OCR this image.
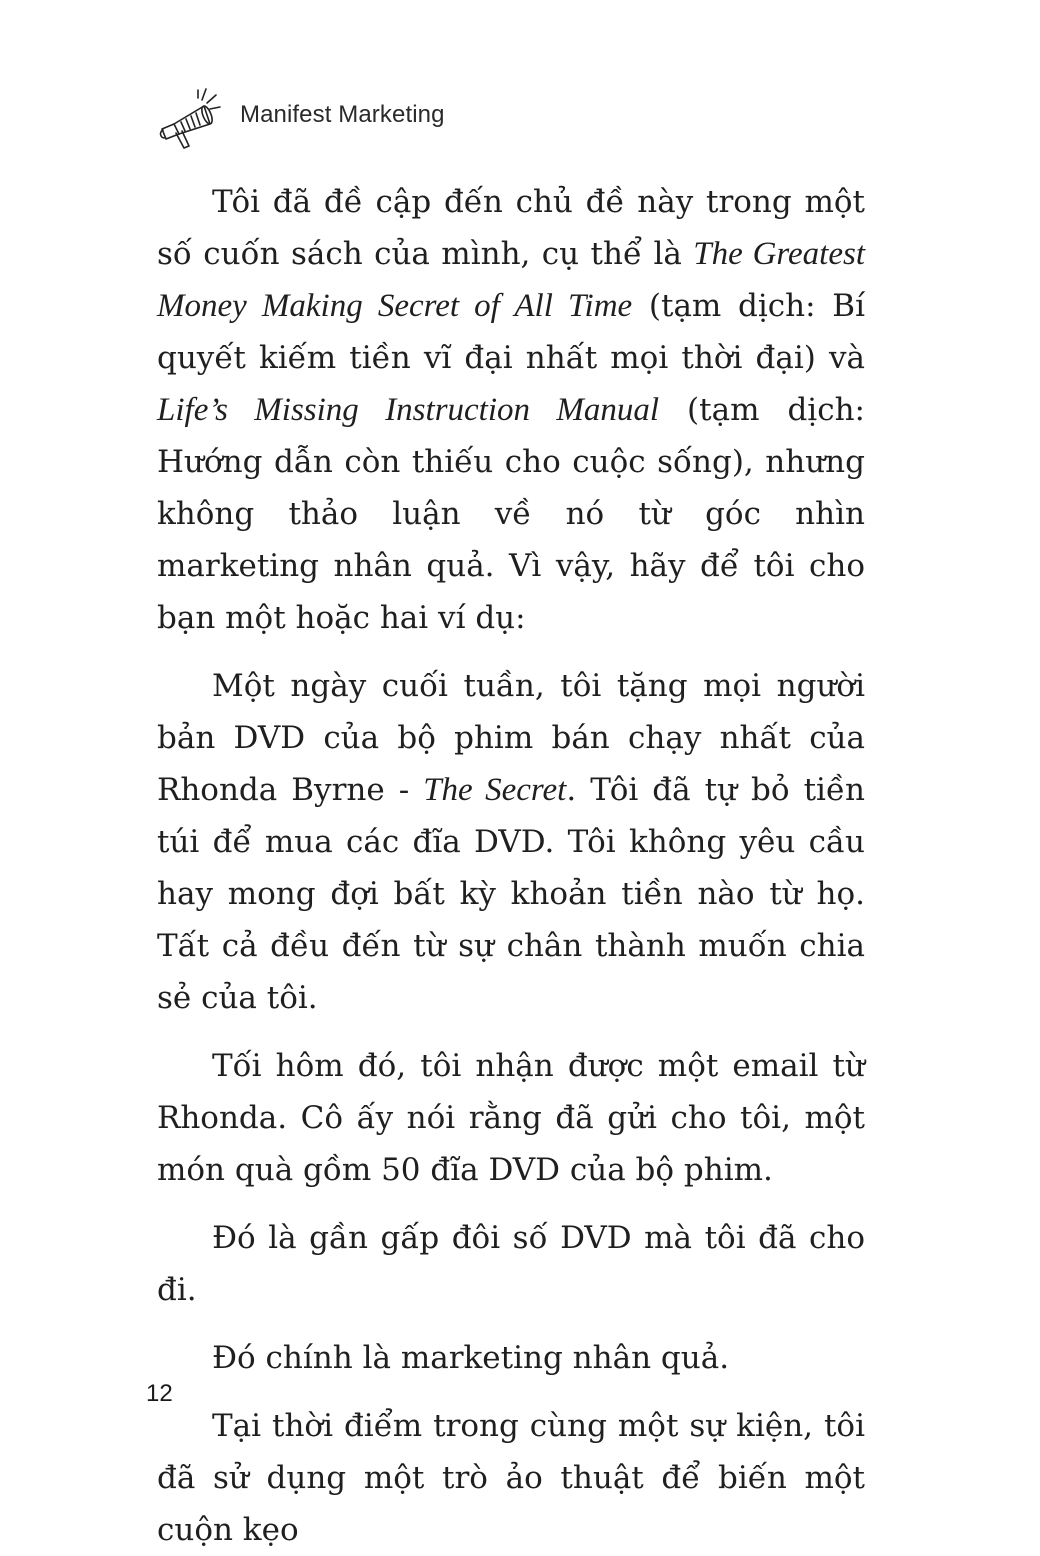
Manifest Marketing

Tôi đã đề cập đến chủ đề này trong một số cuốn sách của mình, cụ thể là The Greatest Money Making Secret of All Time (tạm dịch: Bí quyết kiếm tiền vĩ đại nhất mọi thời đại) và Life’s Missing Instruction Manual (tạm dịch: Hướng dẫn còn thiếu cho cuộc sống), nhưng không thảo luận về nó từ góc nhìn marketing nhân quả. Vì vậy, hãy để tôi cho bạn một hoặc hai ví dụ:

Một ngày cuối tuần, tôi tặng mọi người bản DVD của bộ phim bán chạy nhất của Rhonda Byrne - The Secret. Tôi đã tự bỏ tiền túi để mua các đĩa DVD. Tôi không yêu cầu hay mong đợi bất kỳ khoản tiền nào từ họ. Tất cả đều đến từ sự chân thành muốn chia sẻ của tôi.

Tối hôm đó, tôi nhận được một email từ Rhonda. Cô ấy nói rằng đã gửi cho tôi, một món quà gồm 50 đĩa DVD của bộ phim.

Đó là gần gấp đôi số DVD mà tôi đã cho đi.

Đó chính là marketing nhân quả.

Tại thời điểm trong cùng một sự kiện, tôi đã sử dụng một trò ảo thuật để biến một cuộn kẹo

12
